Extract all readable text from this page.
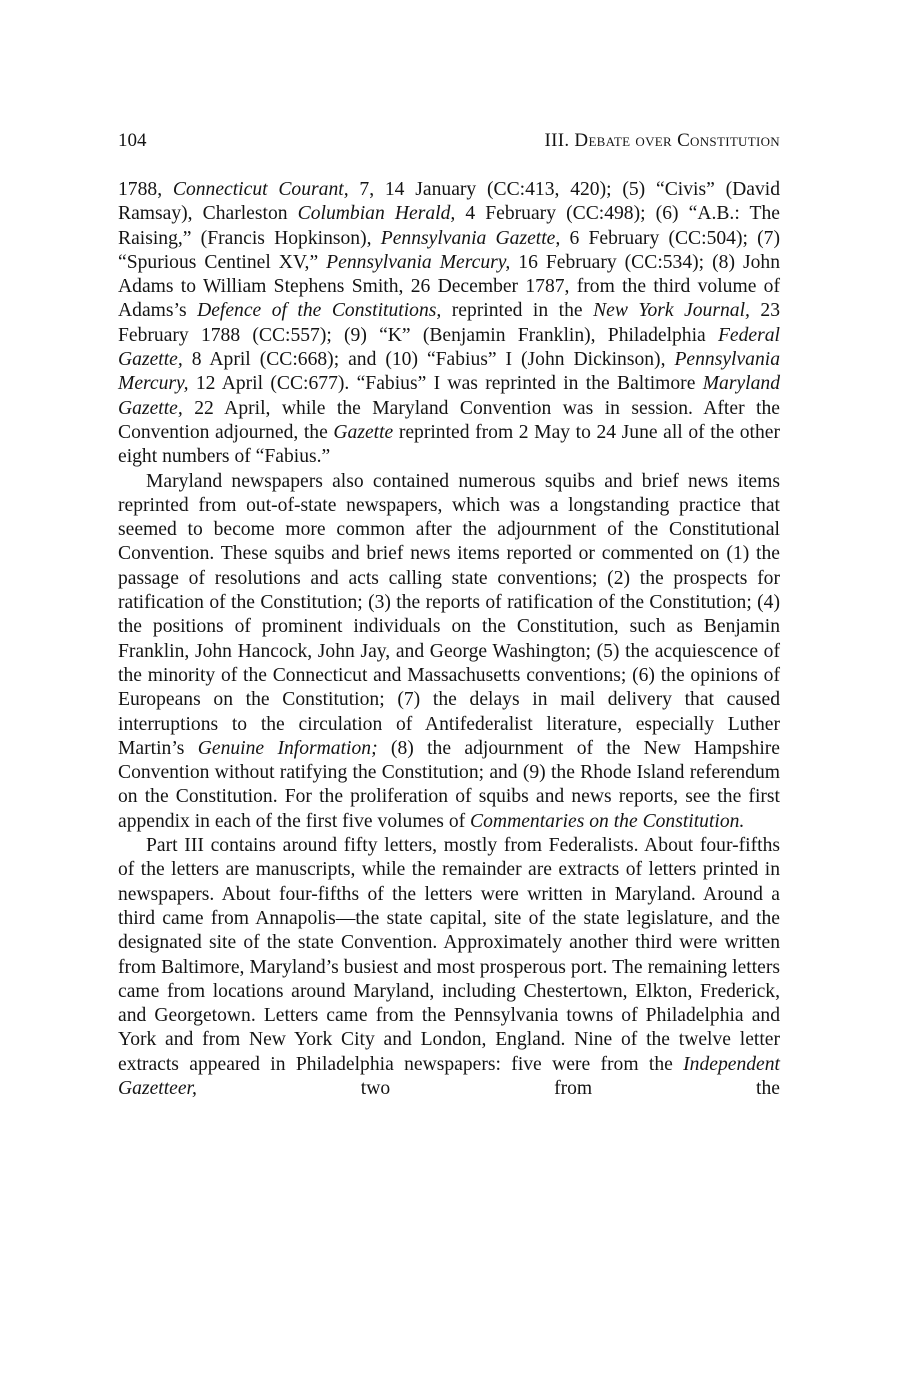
104	III. Debate over Constitution

1788, Connecticut Courant, 7, 14 January (CC:413, 420); (5) “Civis” (David Ramsay), Charleston Columbian Herald, 4 February (CC:498); (6) “A.B.: The Raising,” (Francis Hopkinson), Pennsylvania Gazette, 6 February (CC:504); (7) “Spurious Centinel XV,” Pennsylvania Mercury, 16 February (CC:534); (8) John Adams to William Stephens Smith, 26 December 1787, from the third volume of Adams’s Defence of the Constitutions, reprinted in the New York Journal, 23 February 1788 (CC:557); (9) “K” (Benjamin Franklin), Philadelphia Federal Gazette, 8 April (CC:668); and (10) “Fabius” I (John Dickinson), Pennsylvania Mercury, 12 April (CC:677). “Fabius” I was reprinted in the Baltimore Maryland Gazette, 22 April, while the Maryland Convention was in session. After the Convention adjourned, the Gazette reprinted from 2 May to 24 June all of the other eight numbers of “Fabius.”

Maryland newspapers also contained numerous squibs and brief news items reprinted from out-of-state newspapers, which was a longstanding practice that seemed to become more common after the adjournment of the Constitutional Convention. These squibs and brief news items reported or commented on (1) the passage of resolutions and acts calling state conventions; (2) the prospects for ratification of the Constitution; (3) the reports of ratification of the Constitution; (4) the positions of prominent individuals on the Constitution, such as Benjamin Franklin, John Hancock, John Jay, and George Washington; (5) the acquiescence of the minority of the Connecticut and Massachusetts conventions; (6) the opinions of Europeans on the Constitution; (7) the delays in mail delivery that caused interruptions to the circulation of Antifederalist literature, especially Luther Martin’s Genuine Information; (8) the adjournment of the New Hampshire Convention without ratifying the Constitution; and (9) the Rhode Island referendum on the Constitution. For the proliferation of squibs and news reports, see the first appendix in each of the first five volumes of Commentaries on the Constitution.

Part III contains around fifty letters, mostly from Federalists. About four-fifths of the letters are manuscripts, while the remainder are extracts of letters printed in newspapers. About four-fifths of the letters were written in Maryland. Around a third came from Annapolis—the state capital, site of the state legislature, and the designated site of the state Convention. Approximately another third were written from Baltimore, Maryland’s busiest and most prosperous port. The remaining letters came from locations around Maryland, including Chestertown, Elkton, Frederick, and Georgetown. Letters came from the Pennsylvania towns of Philadelphia and York and from New York City and London, England. Nine of the twelve letter extracts appeared in Philadelphia newspapers: five were from the Independent Gazetteer, two from the
